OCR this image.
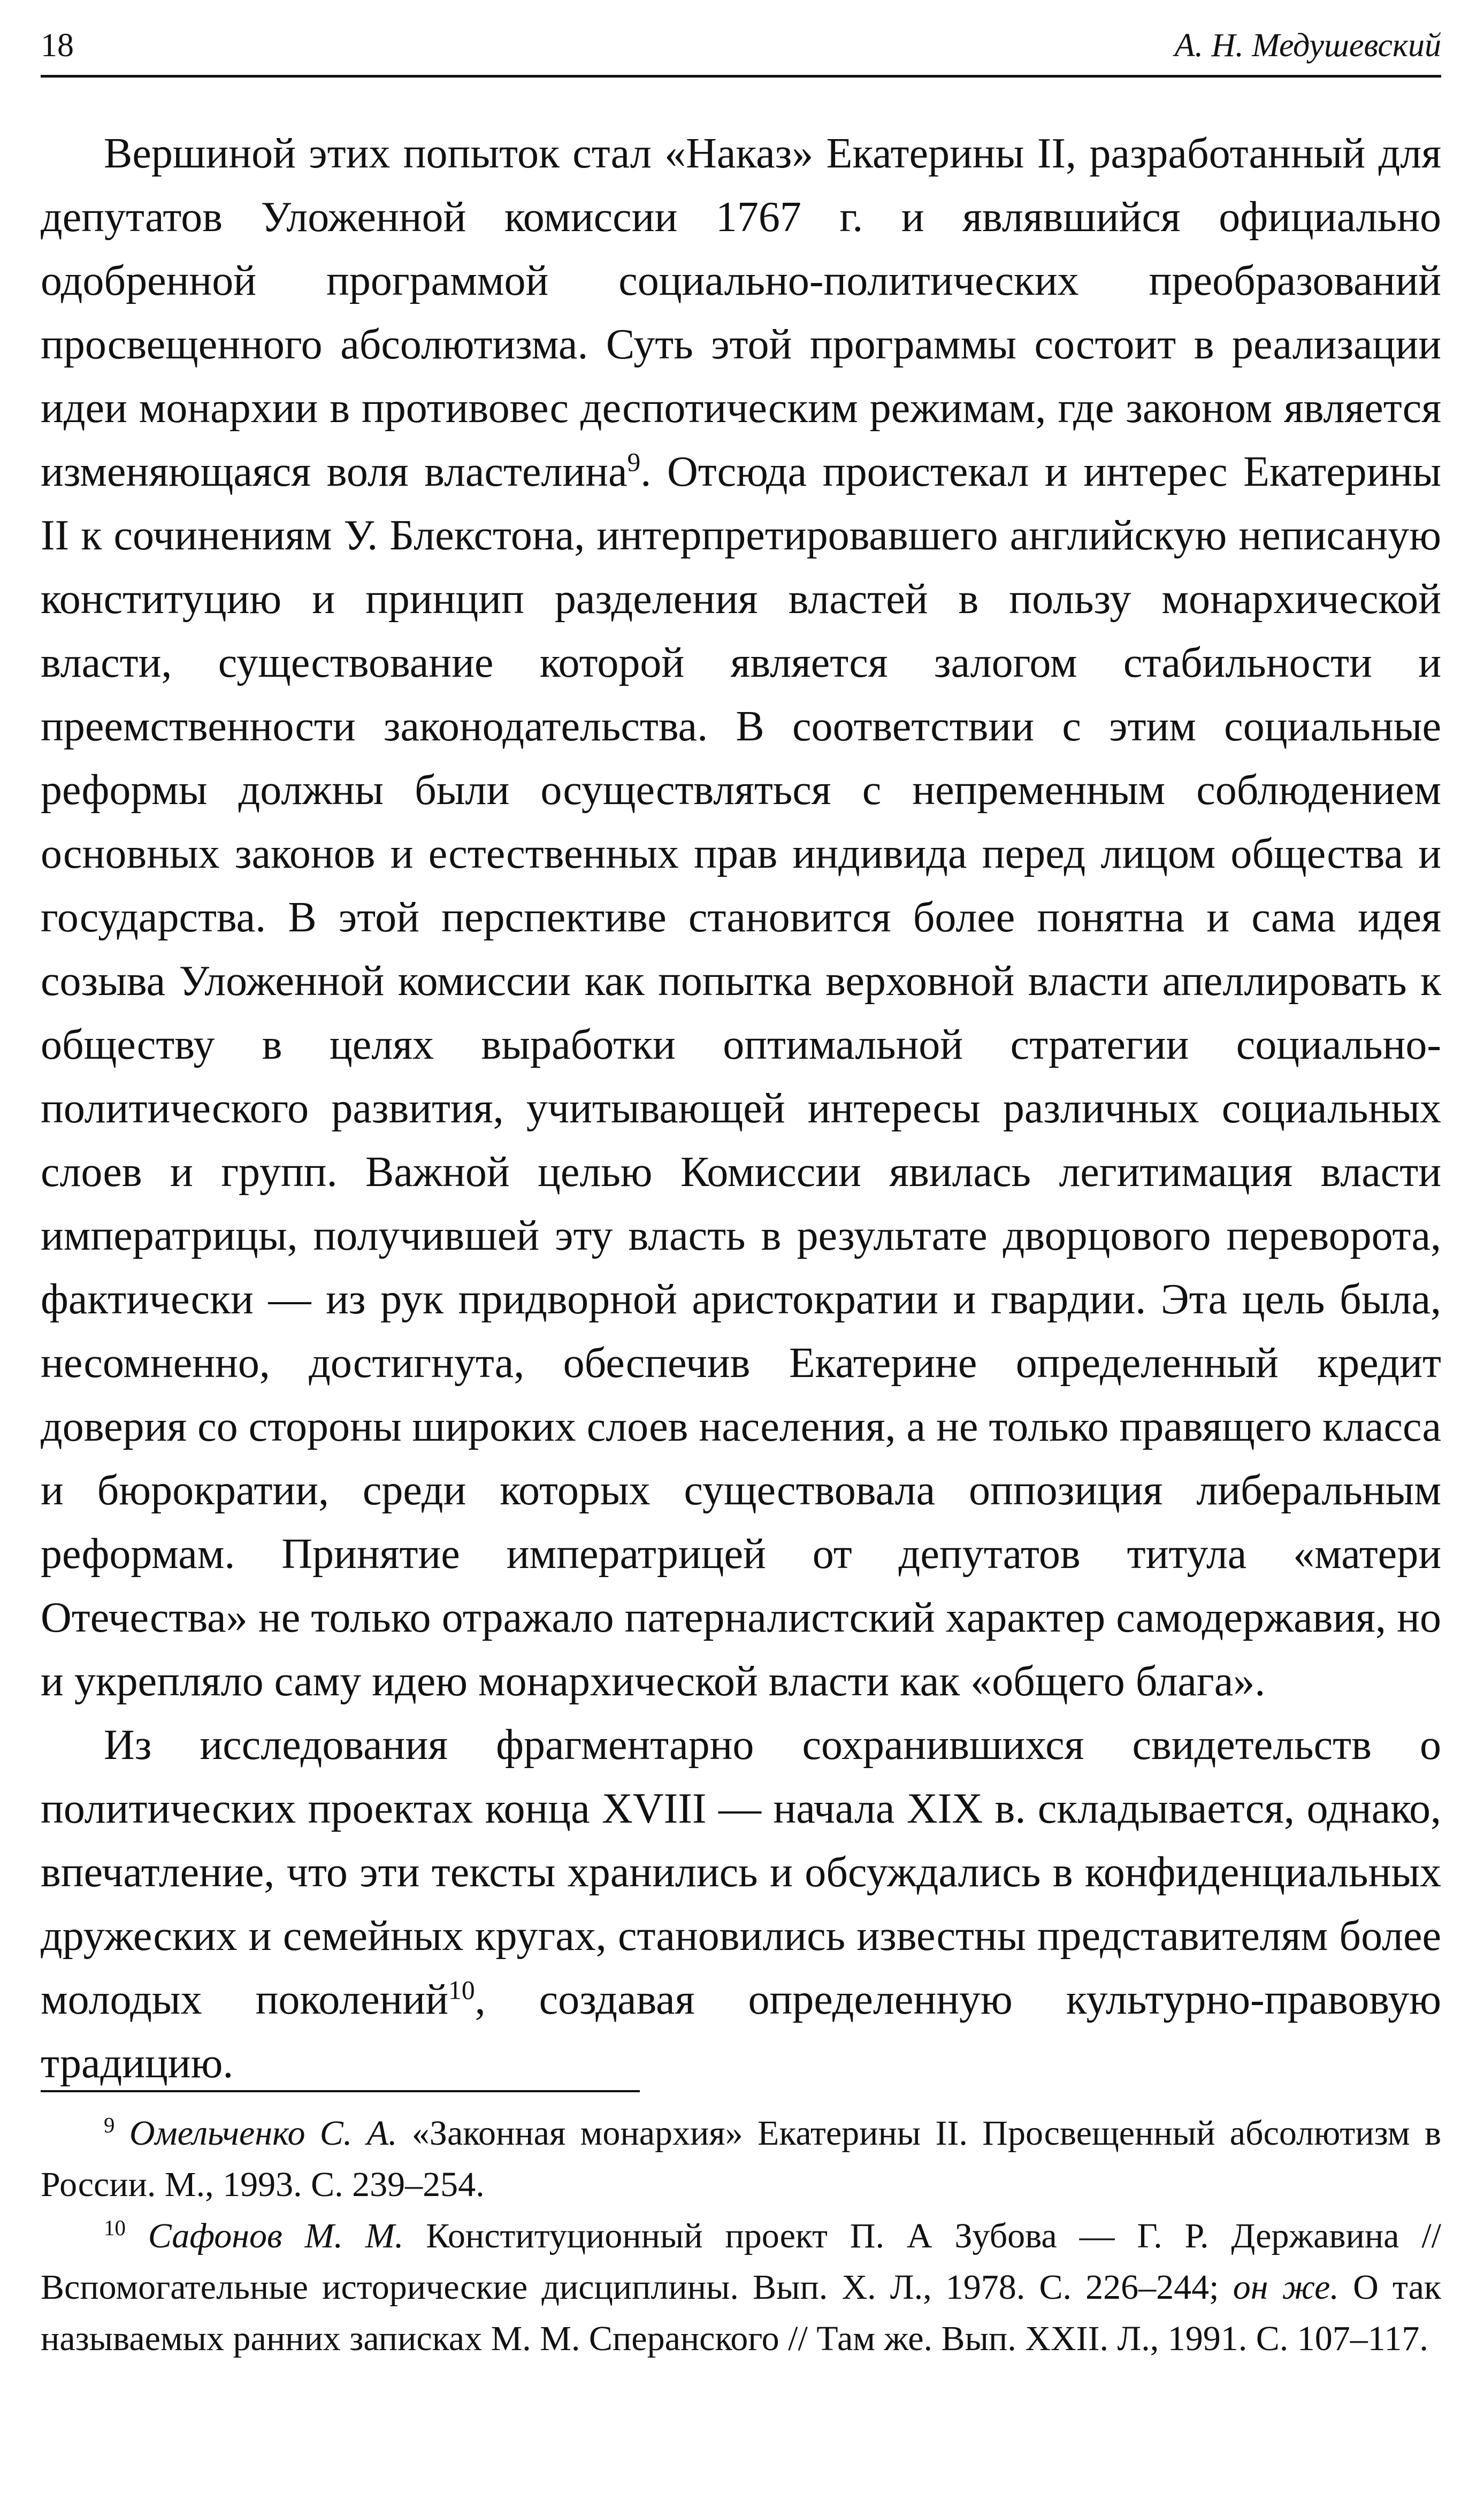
18	А. Н. Медушевский

Вершиной этих попыток стал «Наказ» Екатерины II, разработанный для депутатов Уложенной комиссии 1767 г. и являвшийся официально одобренной программой социально-политических преобразований просвещенного абсолютизма. Суть этой программы состоит в реализации идеи монархии в противовес деспотическим режимам, где законом является изменяющаяся воля властелина$^9$. Отсюда проистекал и интерес Екатерины II к сочинениям У. Блекстона, интерпретировавшего английскую неписаную конституцию и принцип разделения властей в пользу монархической власти, существование которой является залогом стабильности и преемственности законодательства. В соответствии с этим социальные реформы должны были осуществляться с непременным соблюдением основных законов и естественных прав индивида перед лицом общества и государства. В этой перспективе становится более понятна и сама идея созыва Уложенной комиссии как попытка верховной власти апеллировать к обществу в целях выработки оптимальной стратегии социально-политического развития, учитывающей интересы различных социальных слоев и групп. Важной целью Комиссии явилась легитимация власти императрицы, получившей эту власть в результате дворцового переворота, фактически — из рук придворной аристократии и гвардии. Эта цель была, несомненно, достигнута, обеспечив Екатерине определенный кредит доверия со стороны широких слоев населения, а не только правящего класса и бюрократии, среди которых существовала оппозиция либеральным реформам. Принятие императрицей от депутатов титула «матери Отечества» не только отражало патерналистский характер самодержавия, но и укрепляло саму идею монархической власти как «общего блага».

Из исследования фрагментарно сохранившихся свидетельств о политических проектах конца XVIII — начала XIX в. складывается, однако, впечатление, что эти тексты хранились и обсуждались в конфиденциальных дружеских и семейных кругах, становились известны представителям более молодых поколений$^{10}$, создавая определенную культурно-правовую традицию.

$^9$ Омельченко С. А. «Законная монархия» Екатерины II. Просвещенный абсолютизм в России. М., 1993. С. 239–254.

$^{10}$ Сафонов М. М. Конституционный проект П. А Зубова — Г. Р. Державина // Вспомогательные исторические дисциплины. Вып. X. Л., 1978. С. 226–244; он же. О так называемых ранних записках М. М. Сперанского // Там же. Вып. XXII. Л., 1991. С. 107–117.
